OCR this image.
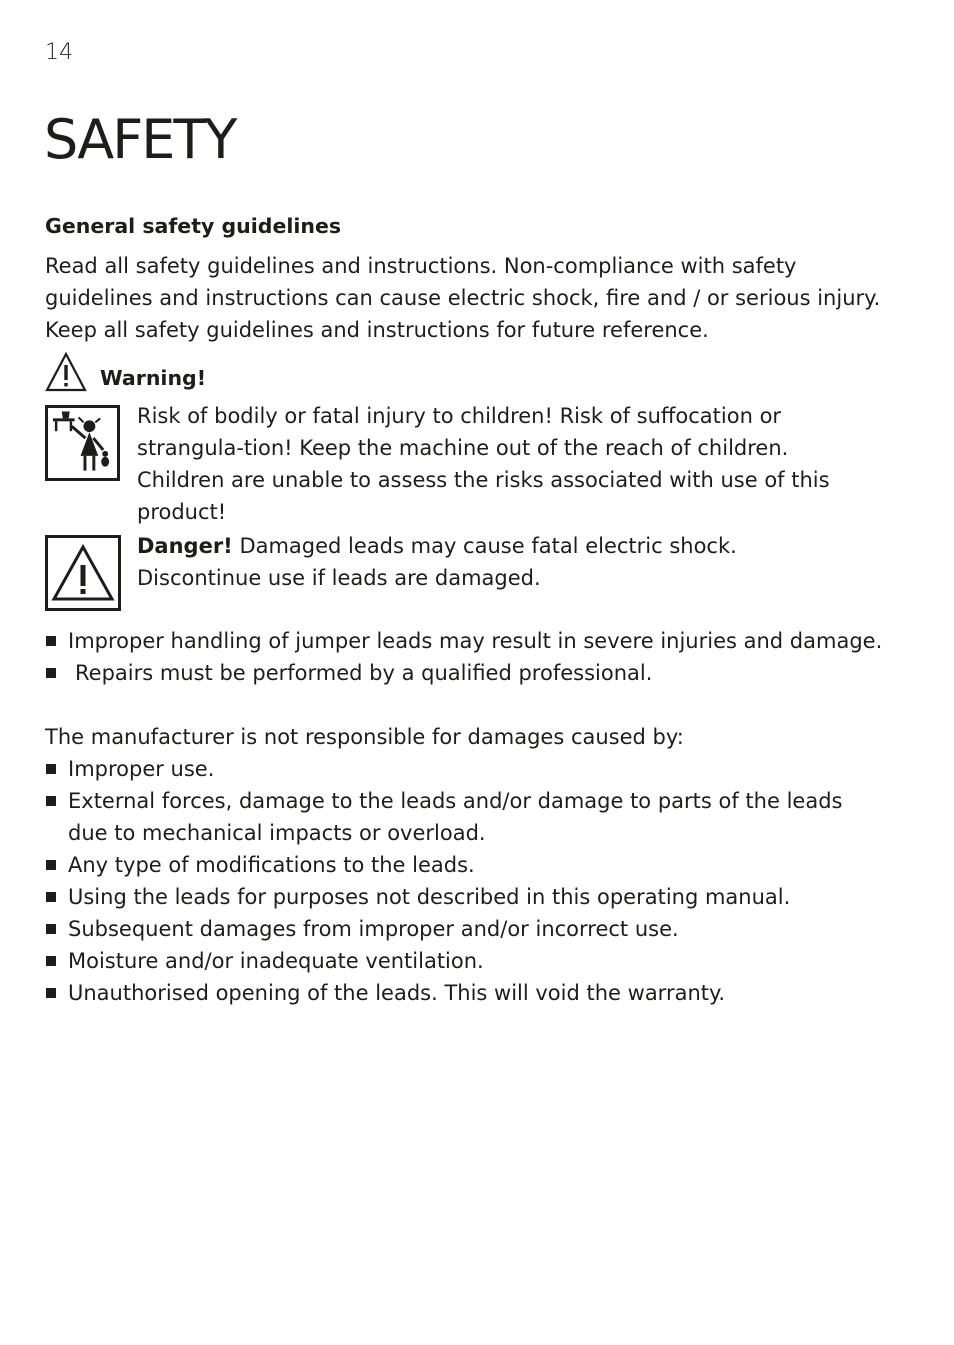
14
SAFETY
General safety guidelines
Read all safety guidelines and instructions. Non-compliance with safety guidelines and instructions can cause electric shock, fire and / or serious injury. Keep all safety guidelines and instructions for future reference.
Warning!
Risk of bodily or fatal injury to children! Risk of suffocation or strangula-tion! Keep the machine out of the reach of children. Children are unable to assess the risks associated with use of this product!
Danger! Damaged leads may cause fatal electric shock. Discontinue use if leads are damaged.
Improper handling of jumper leads may result in severe injuries and damage.
Repairs must be performed by a qualified professional.
The manufacturer is not responsible for damages caused by:
Improper use.
External forces, damage to the leads and/or damage to parts of the leads due to mechanical impacts or overload.
Any type of modifications to the leads.
Using the leads for purposes not described in this operating manual.
Subsequent damages from improper and/or incorrect use.
Moisture and/or inadequate ventilation.
Unauthorised opening of the leads. This will void the warranty.
